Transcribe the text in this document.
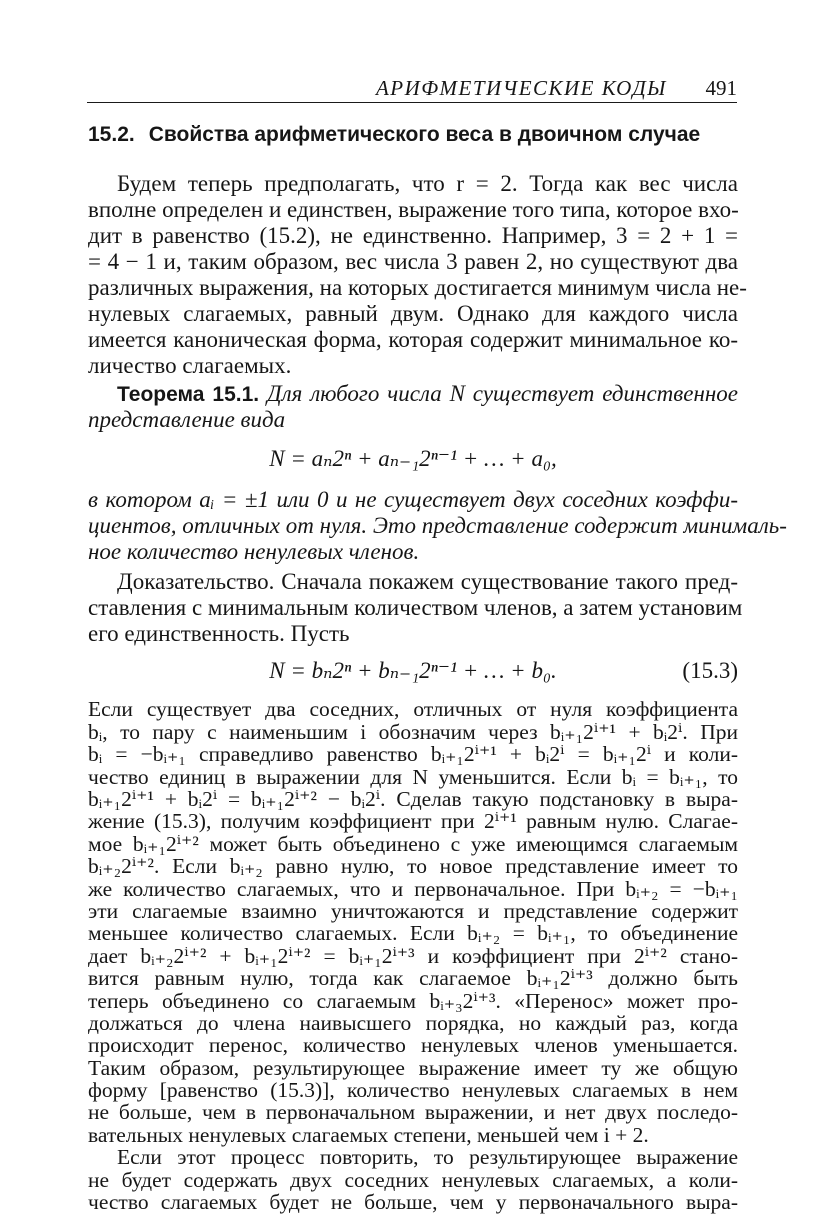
АРИФМЕТИЧЕСКИЕ КОДЫ 491
15.2. Свойства арифметического веса в двоичном случае
Будем теперь предполагать, что r = 2. Тогда как вес числа
вполне определен и единствен, выражение того типа, которое вхо-
дит в равенство (15.2), не единственно. Например, 3 = 2 + 1 =
= 4 − 1 и, таким образом, вес числа 3 равен 2, но существуют два
различных выражения, на которых достигается минимум числа не-
нулевых слагаемых, равный двум. Однако для каждого числа
имеется каноническая форма, которая содержит минимальное ко-
личество слагаемых.
Теорема 15.1. Для любого числа N существует единственное
представление вида
N = aₙ2ⁿ + aₙ₋₁2ⁿ⁻¹ + … + a₀,
в котором aᵢ = ±1 или 0 и не существует двух соседних коэффи-
циентов, отличных от нуля. Это представление содержит минималь-
ное количество ненулевых членов.
Доказательство. Сначала покажем существование такого пред-
ставления с минимальным количеством членов, а затем установим
его единственность. Пусть
N = bₙ2ⁿ + bₙ₋₁2ⁿ⁻¹ + … + b₀.	(15.3)
Если существует два соседних, отличных от нуля коэффициента
bᵢ, то пару с наименьшим i обозначим через bᵢ₊₁2ⁱ⁺¹ + bᵢ2ⁱ. При
bᵢ = −bᵢ₊₁ справедливо равенство bᵢ₊₁2ⁱ⁺¹ + bᵢ2ⁱ = bᵢ₊₁2ⁱ и коли-
чество единиц в выражении для N уменьшится. Если bᵢ = bᵢ₊₁, то
bᵢ₊₁2ⁱ⁺¹ + bᵢ2ⁱ = bᵢ₊₁2ⁱ⁺² − bᵢ2ⁱ. Сделав такую подстановку в выра-
жение (15.3), получим коэффициент при 2ⁱ⁺¹ равным нулю. Слагае-
мое bᵢ₊₁2ⁱ⁺² может быть объединено с уже имеющимся слагаемым
bᵢ₊₂2ⁱ⁺². Если bᵢ₊₂ равно нулю, то новое представление имеет то
же количество слагаемых, что и первоначальное. При bᵢ₊₂ = −bᵢ₊₁
эти слагаемые взаимно уничтожаются и представление содержит
меньшее количество слагаемых. Если bᵢ₊₂ = bᵢ₊₁, то объединение
дает bᵢ₊₂2ⁱ⁺² + bᵢ₊₁2ⁱ⁺² = bᵢ₊₁2ⁱ⁺³ и коэффициент при 2ⁱ⁺² стано-
вится равным нулю, тогда как слагаемое bᵢ₊₁2ⁱ⁺³ должно быть
теперь объединено со слагаемым bᵢ₊₃2ⁱ⁺³. «Перенос» может про-
должаться до члена наивысшего порядка, но каждый раз, когда
происходит перенос, количество ненулевых членов уменьшается.
Таким образом, результирующее выражение имеет ту же общую
форму [равенство (15.3)], количество ненулевых слагаемых в нем
не больше, чем в первоначальном выражении, и нет двух последо-
вательных ненулевых слагаемых степени, меньшей чем i + 2.
Если этот процесс повторить, то результирующее выражение
не будет содержать двух соседних ненулевых слагаемых, а коли-
чество слагаемых будет не больше, чем у первоначального выра-
